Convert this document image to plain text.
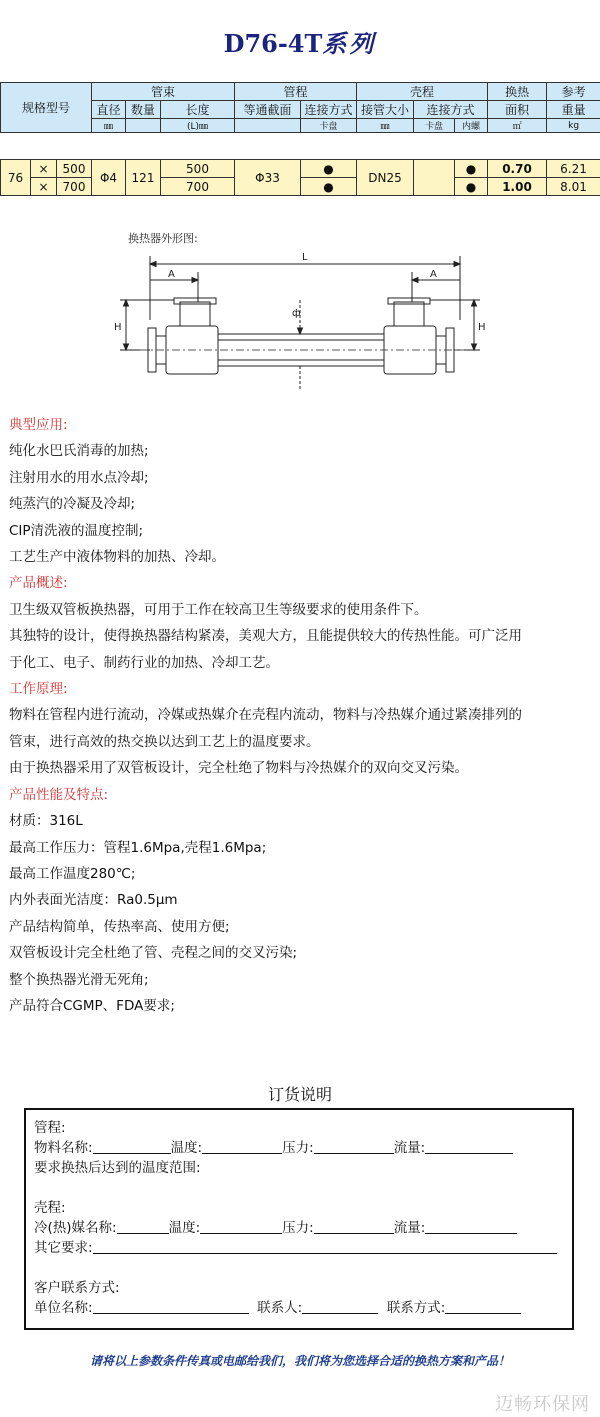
D76-4T系列
规格型号	管束			管程		壳程			换热	参考
	直径	数量	长度	等通截面	连接方式	接管大小	连接方式		面积	重量
	㎜		(L)㎜		卡盘	㎜	卡盘	内螺	㎡	kg
76	×	500	Φ4	121	500	Φ33	●	DN25		●	0.70	6.21
	×	700			700		●			●	1.00	8.01
换热器外形图:
L
A	A
H	H
ф
典型应用:
纯化水巴氏消毒的加热;
注射用水的用水点冷却;
纯蒸汽的冷凝及冷却;
CIP清洗液的温度控制;
工艺生产中液体物料的加热、冷却。
产品概述:
卫生级双管板换热器，可用于工作在较高卫生等级要求的使用条件下。
其独特的设计，使得换热器结构紧凑，美观大方，且能提供较大的传热性能。可广泛用
于化工、电子、制药行业的加热、冷却工艺。
工作原理:
物料在管程内进行流动，冷媒或热媒介在壳程内流动，物料与冷热媒介通过紧凑排列的
管束，进行高效的热交换以达到工艺上的温度要求。
由于换热器采用了双管板设计，完全杜绝了物料与冷热媒介的双向交叉污染。
产品性能及特点:
材质：316L
最高工作压力：管程1.6Mpa,壳程1.6Mpa;
最高工作温度280℃;
内外表面光洁度：Ra0.5μm
产品结构简单，传热率高、使用方便;
双管板设计完全杜绝了管、壳程之间的交叉污染;
整个换热器光滑无死角;
产品符合CGMP、FDA要求;
订货说明
管程:
物料名称:	温度:	压力:	流量:
要求换热后达到的温度范围:
壳程:
冷(热)媒名称:	温度:	压力:	流量:
其它要求:
客户联系方式:
单位名称:	联系人:	联系方式:
请将以上参数条件传真或电邮给我们，我们将为您选择合适的换热方案和产品！
迈畅环保网
